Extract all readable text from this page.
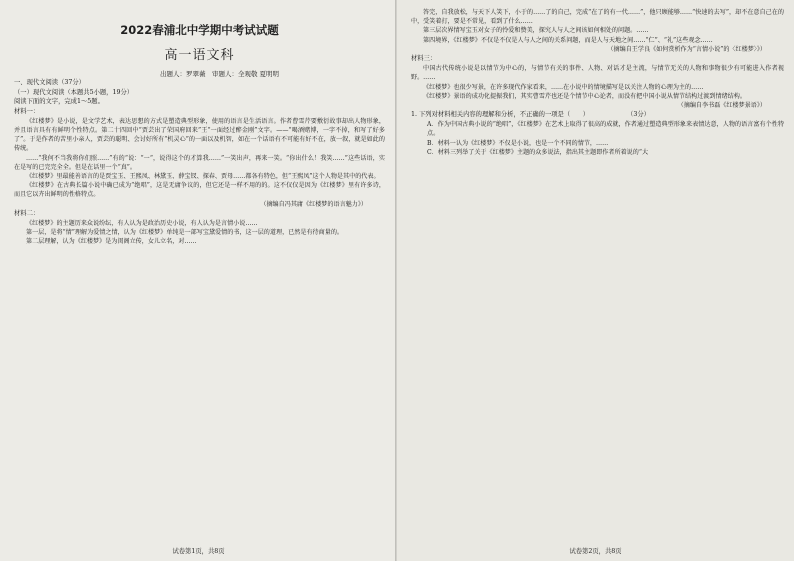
2022春浦北中学期中考试试题
高一语文科
出题人：罗翠薇　审题人：全观敬 夏明明

一、现代文阅读（37分）

（一）现代文阅读（本题共5小题，19分）

阅读下面的文字，完成1～5题。

材料一：

《红楼梦》是小说，是文学艺术，表达思想的方式是塑造典型形象，使用的语言是生活语言。作者曹雪芹要敷衍故事却出人物形象，并且语言具有有鲜明个性特点。第二十四回中“贾芸出了荣国府回来”王“一面经过醉金刚”文字。——“喝酒赌博，一字不掉，和写了好多了”。于是作者的苦里小亲人，贾芸的聪明、会讨好所有“机灵心”的一面以及机智，如在一个话语有不可能有好不在，放一叙，就是如此的传统。

……“我何不当我将你们照……”有的“说：“一“，说得这个的才算我……”一笑出声，再来一笑。“你出什么！我笑……”这些话语，实在是写的已完完全全。但是在话里一个“真”。

《红楼梦》里最能善语言的是贾宝玉、王熙凤、林黛玉、薛宝钗、探春、贾母……都各有特色，但“王熙凤”这个人物是其中的代表。

《红楼梦》在古典长篇小说中确已成为“绝唱”，这是无庸争议的，但它还是一样不用的的。这不仅仅是因为《红楼梦》里有许多诗，而且它以卉出鲜明的性格特点。

（摘编自冯其庸《红楼梦的语言魅力》）

材料二：

《红楼梦》的主题历来众说纷纭，有人认为是政治历史小说，有人认为是言情小说……

第一层，是将“情”理解为爱情之情，认为《红楼梦》单纯是一部写宝黛爱情的书，这一层的道理，已然是有待商量的。

第二层理解，认为《红楼梦》是为闺阁立传，女儿立名，对……

试卷第1页，共8页

答完，自我放松，与天下人笑下，小于的……了的自己，完成“在了的有一代……”，他只顾能够……“快速的去写”，却不在意自己在的中，受笑着打，要是不常见，看到了什么……

第三层次界情写宝玉对女子的怜爱和赞美，探究人与人之间该如何相处的问题。……

第四境界，《红楼梦》不仅是不仅是人与人之间的关系问题，而是人与天地之间……“仁”、“礼”这些观念……

（摘编自王学良《如何赏析作为“言情小说”的〈红楼梦〉》）

材料三：

中国古代传统小说是以情节为中心的，与情节有关的事件、人物、对话才是主流，与情节无关的人物和事物很少有可能进入作者视野。……

《红楼梦》也很少写景，在许多现代作家看来，……在小说中的情境描写是以关注人物的心理为主的……

《红楼梦》景语的成功化提振我们，其实曹雪芹也还是个情节中心论者，而没有把中国小说从情节结构过渡到情绪结构。

（摘编自李书磊《红楼梦景语》）

1. 下列对材料相关内容的理解和分析，不正确的一项是（　　）	（3分）

A．作为中国古典小说的“绝唱”，《红楼梦》在艺术上取得了很高的成就，作者通过塑造典型形象来表情达意，人物的语言富有个性特点。

B．材料一认为《红楼梦》不仅是小说，也是一个不同的情节，……

C．材料三列举了关于《红楼梦》主题的众多说法，指出其主题即作者所着说的“大

试卷第2页，共8页
